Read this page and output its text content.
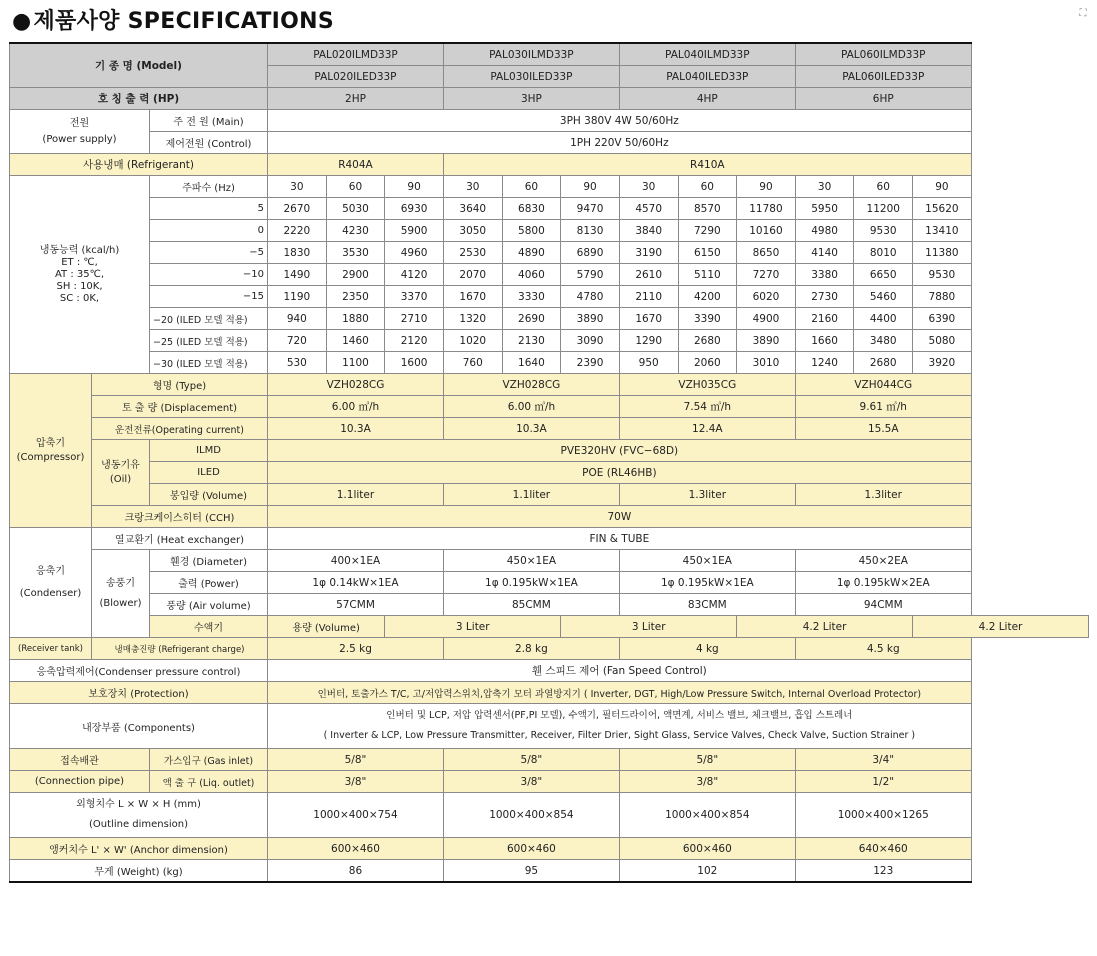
●제품사양 SPECIFICATIONS	⛶
기 종 명 (Model)			PAL020ILMD33P			PAL030ILMD33P			PAL040ILMD33P			PAL060ILMD33P		
			PAL020ILED33P			PAL030ILED33P			PAL040ILED33P			PAL060ILED33P		
호 칭 출 력 (HP)			2HP			3HP			4HP			6HP		
전원
(Power supply)		주 전 원 (Main)	3PH 380V 4W 50/60Hz											
		제어전원 (Control)	1PH 220V 50/60Hz											
사용냉매 (Refrigerant)			R404A			R410A								
냉동능력 (kcal/h)
ET : ℃,
AT : 35℃,
SH : 10K,
SC : 0K,		주파수 (Hz)	30	60	90	30	60	90	30	60	90	30	60	90
		5	2670	5030	6930	3640	6830	9470	4570	8570	11780	5950	11200	15620
		0	2220	4230	5900	3050	5800	8130	3840	7290	10160	4980	9530	13410
		−5	1830	3530	4960	2530	4890	6890	3190	6150	8650	4140	8010	11380
		−10	1490	2900	4120	2070	4060	5790	2610	5110	7270	3380	6650	9530
		−15	1190	2350	3370	1670	3330	4780	2110	4200	6020	2730	5460	7880
		−20 (ILED 모델 적용)	940	1880	2710	1320	2690	3890	1670	3390	4900	2160	4400	6390
		−25 (ILED 모델 적용)	720	1460	2120	1020	2130	3090	1290	2680	3890	1660	3480	5080
		−30 (ILED 모델 적용)	530	1100	1600	760	1640	2390	950	2060	3010	1240	2680	3920
압축기
(Compressor)	형명 (Type)		VZH028CG			VZH028CG			VZH035CG			VZH044CG		
	토 출 량 (Displacement)		6.00 ㎥/h			6.00 ㎥/h			7.54 ㎥/h			9.61 ㎥/h		
	운전전류(Operating current)		10.3A			10.3A			12.4A			15.5A		
	냉동기유
(Oil)	ILMD	PVE320HV (FVC−68D)											
		ILED	POE (RL46HB)											
		봉입량 (Volume)	1.1liter			1.1liter			1.3liter			1.3liter		
	크랑크케이스히터 (CCH)		70W											
응축기
(Condenser)	열교환기 (Heat exchanger)		FIN & TUBE											
	송풍기
(Blower)	휀경 (Diameter)	400×1EA			450×1EA			450×1EA			450×2EA		
		출력 (Power)	1φ 0.14kW×1EA			1φ 0.195kW×1EA			1φ 0.195kW×1EA			1φ 0.195kW×2EA		
		풍량 (Air volume)	57CMM			85CMM			83CMM			94CMM		
		수액기	용량 (Volume)		3 Liter			3 Liter			4.2 Liter			4.2 Liter
(Receiver tank)	냉매충진량 (Refrigerant charge)		2.5 kg			2.8 kg			4 kg			4.5 kg		
응축압력제어(Condenser pressure control)			휀 스피드 제어 (Fan Speed Control)											
보호장치 (Protection)			인버터, 토출가스 T/C, 고/저압력스위치,압축기 모터 과열방지기 ( Inverter, DGT, High/Low Pressure Switch, Internal Overload Protector)											
내장부품 (Components)			인버터 및 LCP, 저압 압력센서(PF,PI 모델), 수액기, 필터드라이어, 액면계, 서비스 밸브, 체크밸브, 흡입 스트레너
( Inverter & LCP, Low Pressure Transmitter, Receiver, Filter Drier, Sight Glass, Service Valves, Check Valve, Suction Strainer )											

접속배관		가스입구 (Gas inlet)	5/8"			5/8"			5/8"			3/4"		
(Connection pipe)		액 출 구 (Liq. outlet)	3/8"			3/8"			3/8"			1/2"		
외형치수 L × W × H (mm)
(Outline dimension)			1000×400×754			1000×400×854			1000×400×854			1000×400×1265		
앵커치수 L' × W' (Anchor dimension)			600×460			600×460			600×460			640×460		
무게 (Weight) (kg)			86			95			102			123		
